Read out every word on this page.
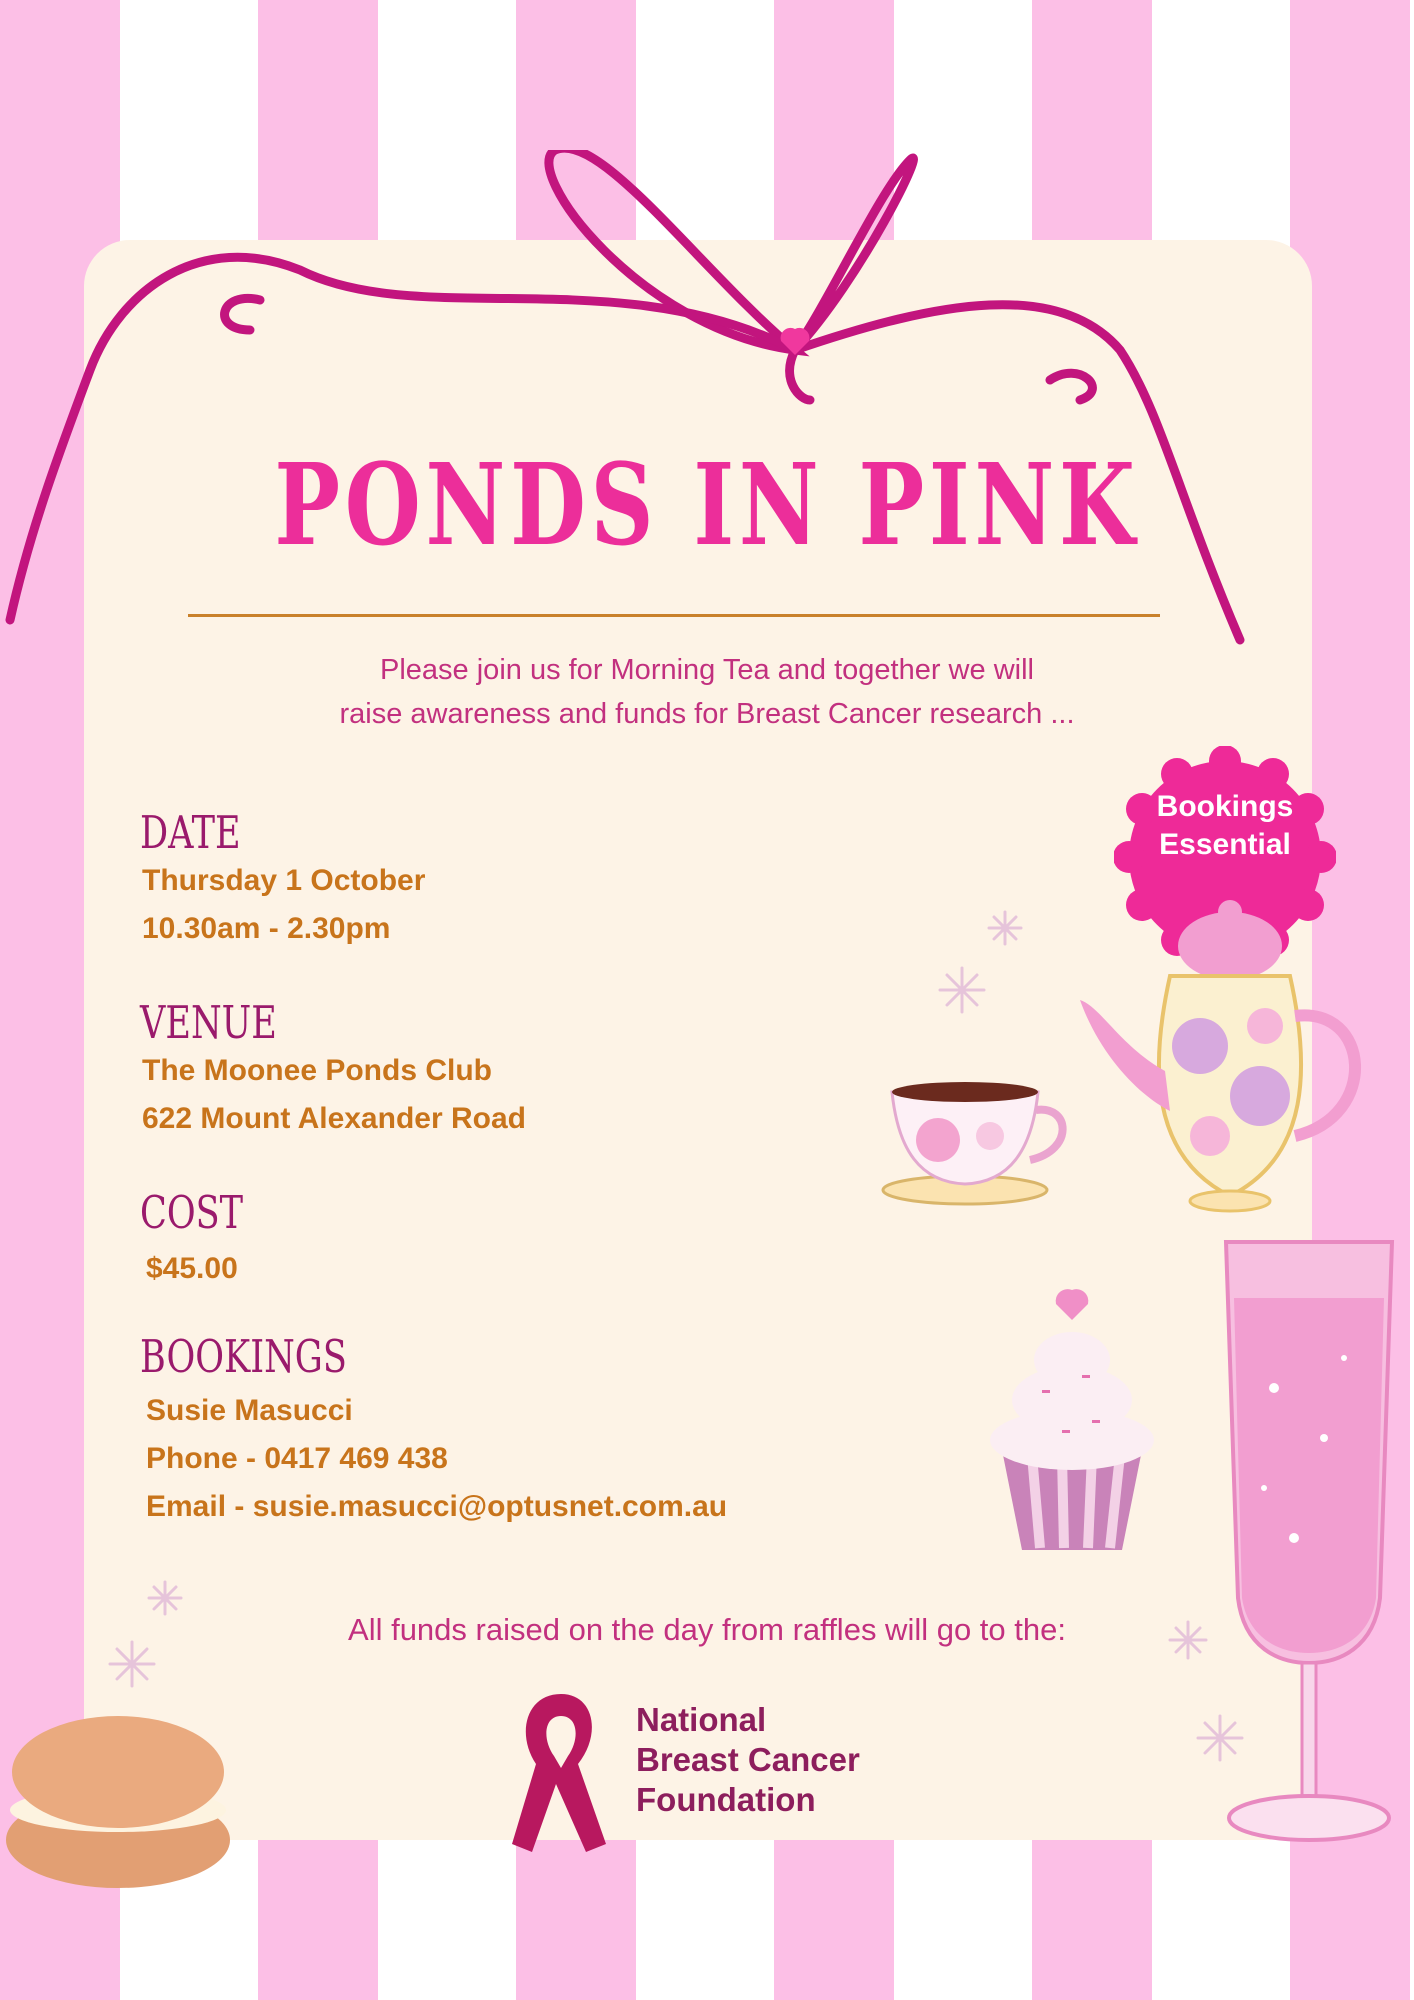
PONDS IN PINK
Please join us for Morning Tea and together we will
raise awareness and funds for Breast Cancer research ...
Bookings
Essential
DATE
Thursday 1 October
10.30am - 2.30pm
VENUE
The Moonee Ponds Club
622 Mount Alexander Road
COST
$45.00
BOOKINGS
Susie Masucci
Phone - 0417 469 438
Email - susie.masucci@optusnet.com.au
All funds raised on the day from raffles will go to the:
National
Breast Cancer
Foundation
